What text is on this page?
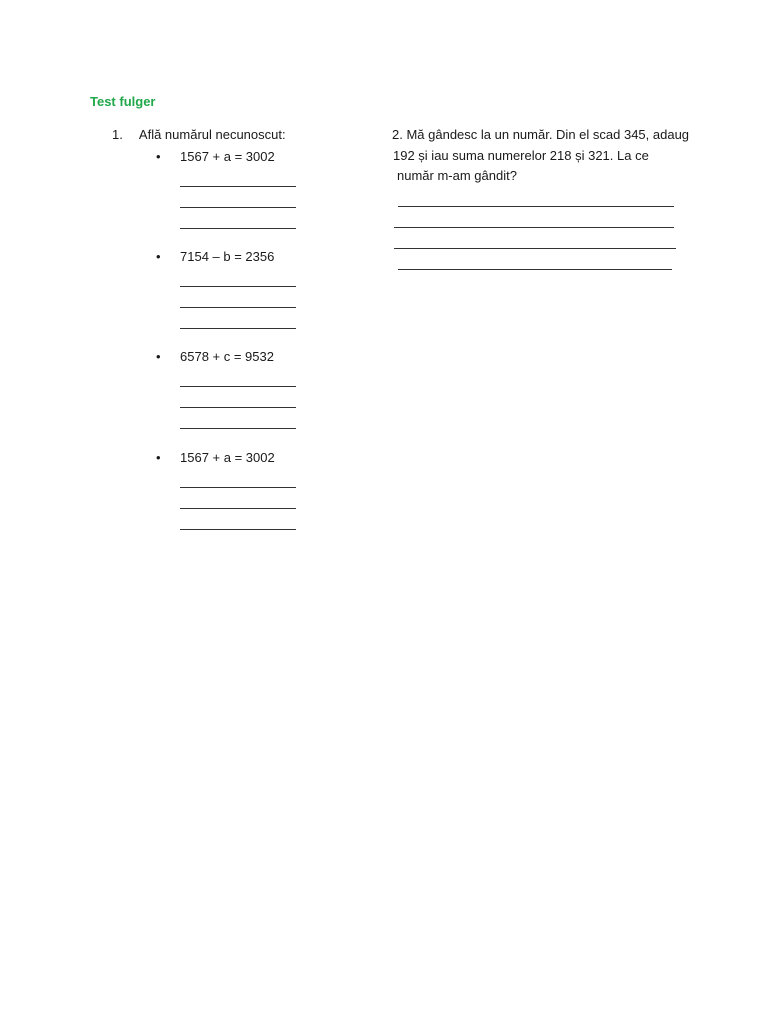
Test fulger
1. Află numărul necunoscut:
•	1567 + a = 3002
•	7154 – b = 2356
•	6578 + c = 9532
•	1567 + a = 3002
2. Mă gândesc la un număr. Din el scad 345, adaug
192 și iau suma numerelor 218 și 321. La ce
număr m-am gândit?
